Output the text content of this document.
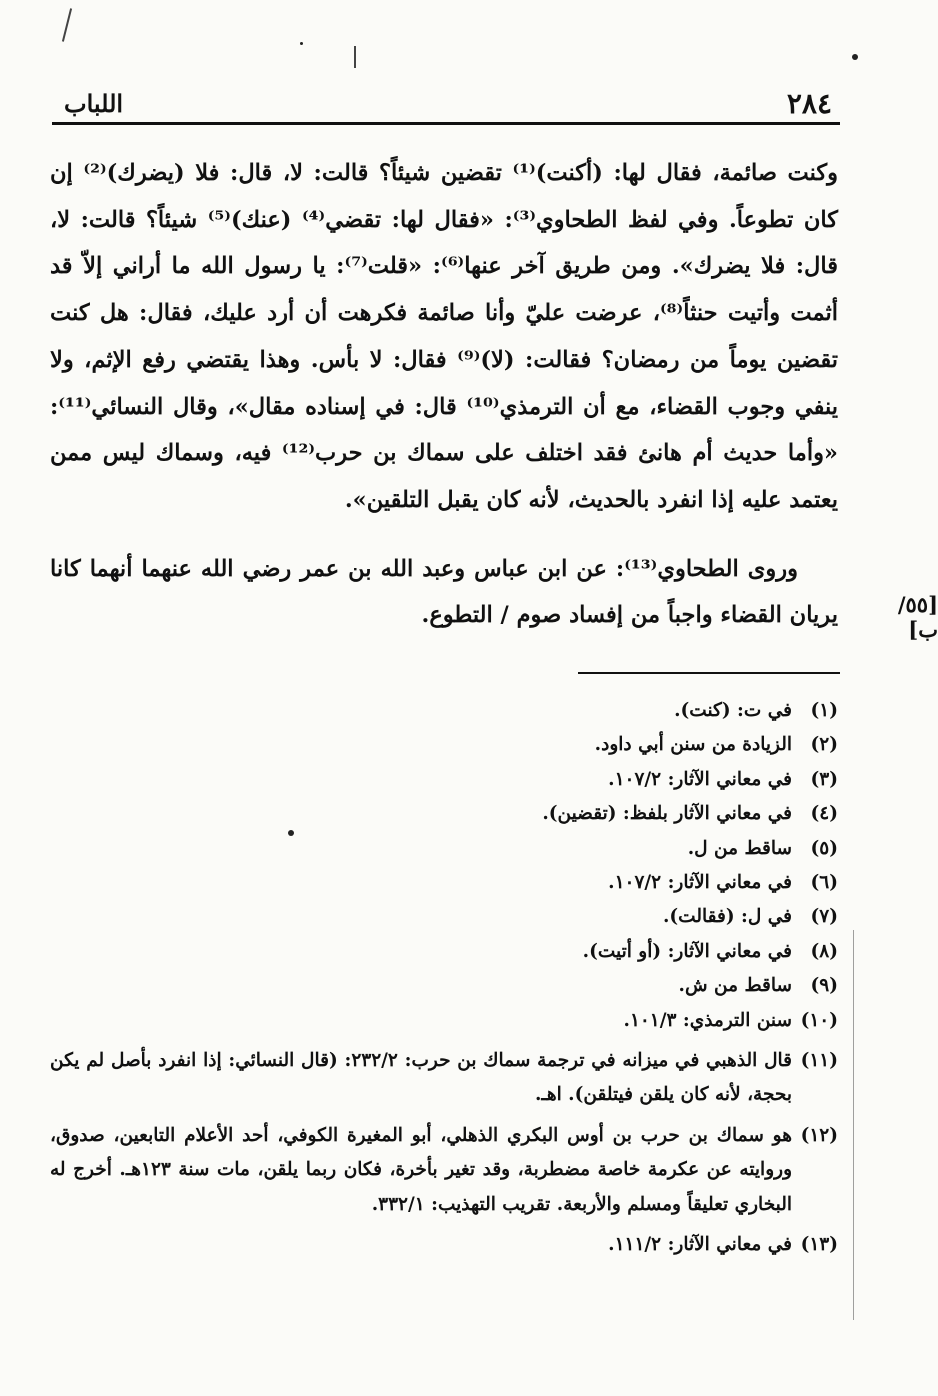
اللباب	٢٨٤

وكنت صائمة، فقال لها: (أكنت)⁽¹⁾ تقضين شيئاً؟ قالت: لا، قال: فلا (يضرك)⁽²⁾ إن كان تطوعاً. وفي لفظ الطحاوي⁽³⁾: «فقال لها: تقضي⁽⁴⁾ (عنك)⁽⁵⁾ شيئاً؟ قالت: لا، قال: فلا يضرك». ومن طريق آخر عنها⁽⁶⁾: «قلت⁽⁷⁾: يا رسول الله ما أراني إلاّ قد أثمت وأتيت حنثاً⁽⁸⁾، عرضت عليّ وأنا صائمة فكرهت أن أرد عليك، فقال: هل كنت تقضين يوماً من رمضان؟ فقالت: (لا)⁽⁹⁾ فقال: لا بأس. وهذا يقتضي رفع الإثم، ولا ينفي وجوب القضاء، مع أن الترمذي⁽¹⁰⁾ قال: في إسناده مقال»، وقال النسائي⁽¹¹⁾: «وأما حديث أم هانئ فقد اختلف على سماك بن حرب⁽¹²⁾ فيه، وسماك ليس ممن يعتمد عليه إذا انفرد بالحديث، لأنه كان يقبل التلقين».

وروى الطحاوي⁽¹³⁾: عن ابن عباس وعبد الله بن عمر رضي الله عنهما أنهما كانا يريان القضاء واجباً من إفساد صوم / التطوع.	[٥٥/ب]
(١)
في ت: (كنت).
(٢)
الزيادة من سنن أبي داود.
(٣)
في معاني الآثار: ١٠٧/٢.
(٤)
في معاني الآثار بلفظ: (تقضين).
(٥)
ساقط من ل.
(٦)
في معاني الآثار: ١٠٧/٢.
(٧)
في ل: (فقالت).
(٨)
في معاني الآثار: (أو أتيت).
(٩)
ساقط من ش.
(١٠)
سنن الترمذي: ١٠١/٣.
(١١)
قال الذهبي في ميزانه في ترجمة سماك بن حرب: ٢٣٢/٢: (قال النسائي: إذا انفرد بأصل لم يكن بحجة، لأنه كان يلقن فيتلقن). اهـ.
(١٢)
هو سماك بن حرب بن أوس البكري الذهلي، أبو المغيرة الكوفي، أحد الأعلام التابعين، صدوق، وروايته عن عكرمة خاصة مضطربة، وقد تغير بأخرة، فكان ربما يلقن، مات سنة ١٢٣هـ. أخرج له البخاري تعليقاً ومسلم والأربعة. تقريب التهذيب: ٣٣٢/١.
(١٣)
في معاني الآثار: ١١١/٢.
